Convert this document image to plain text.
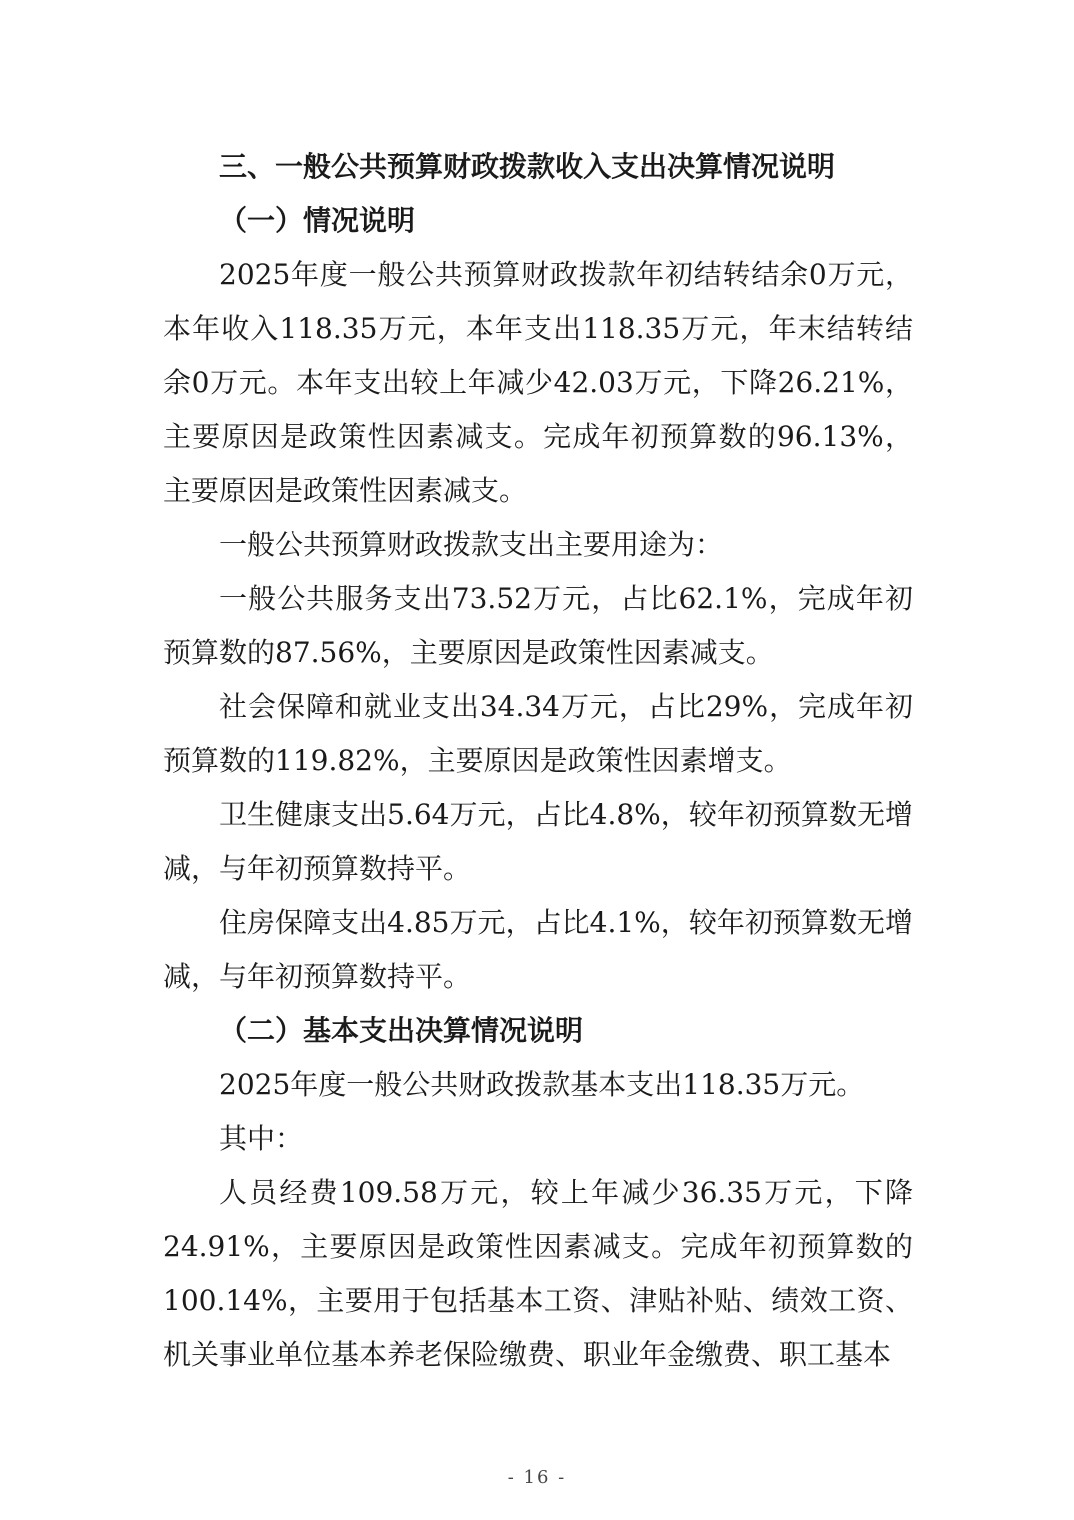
三、一般公共预算财政拨款收入支出决算情况说明

（一）情况说明

2025年度一般公共预算财政拨款年初结转结余0万元，本年收入118.35万元，本年支出118.35万元，年末结转结余0万元。本年支出较上年减少42.03万元，下降26.21%，主要原因是政策性因素减支。完成年初预算数的96.13%，主要原因是政策性因素减支。

一般公共预算财政拨款支出主要用途为：

一般公共服务支出73.52万元，占比62.1%，完成年初预算数的87.56%，主要原因是政策性因素减支。

社会保障和就业支出34.34万元，占比29%，完成年初预算数的119.82%，主要原因是政策性因素增支。

卫生健康支出5.64万元，占比4.8%，较年初预算数无增减，与年初预算数持平。

住房保障支出4.85万元，占比4.1%，较年初预算数无增减，与年初预算数持平。

（二）基本支出决算情况说明

2025年度一般公共财政拨款基本支出118.35万元。

其中：

人员经费109.58万元，较上年减少36.35万元，下降24.91%，主要原因是政策性因素减支。完成年初预算数的100.14%，主要用于包括基本工资、津贴补贴、绩效工资、机关事业单位基本养老保险缴费、职业年金缴费、职工基本

- 16 -
